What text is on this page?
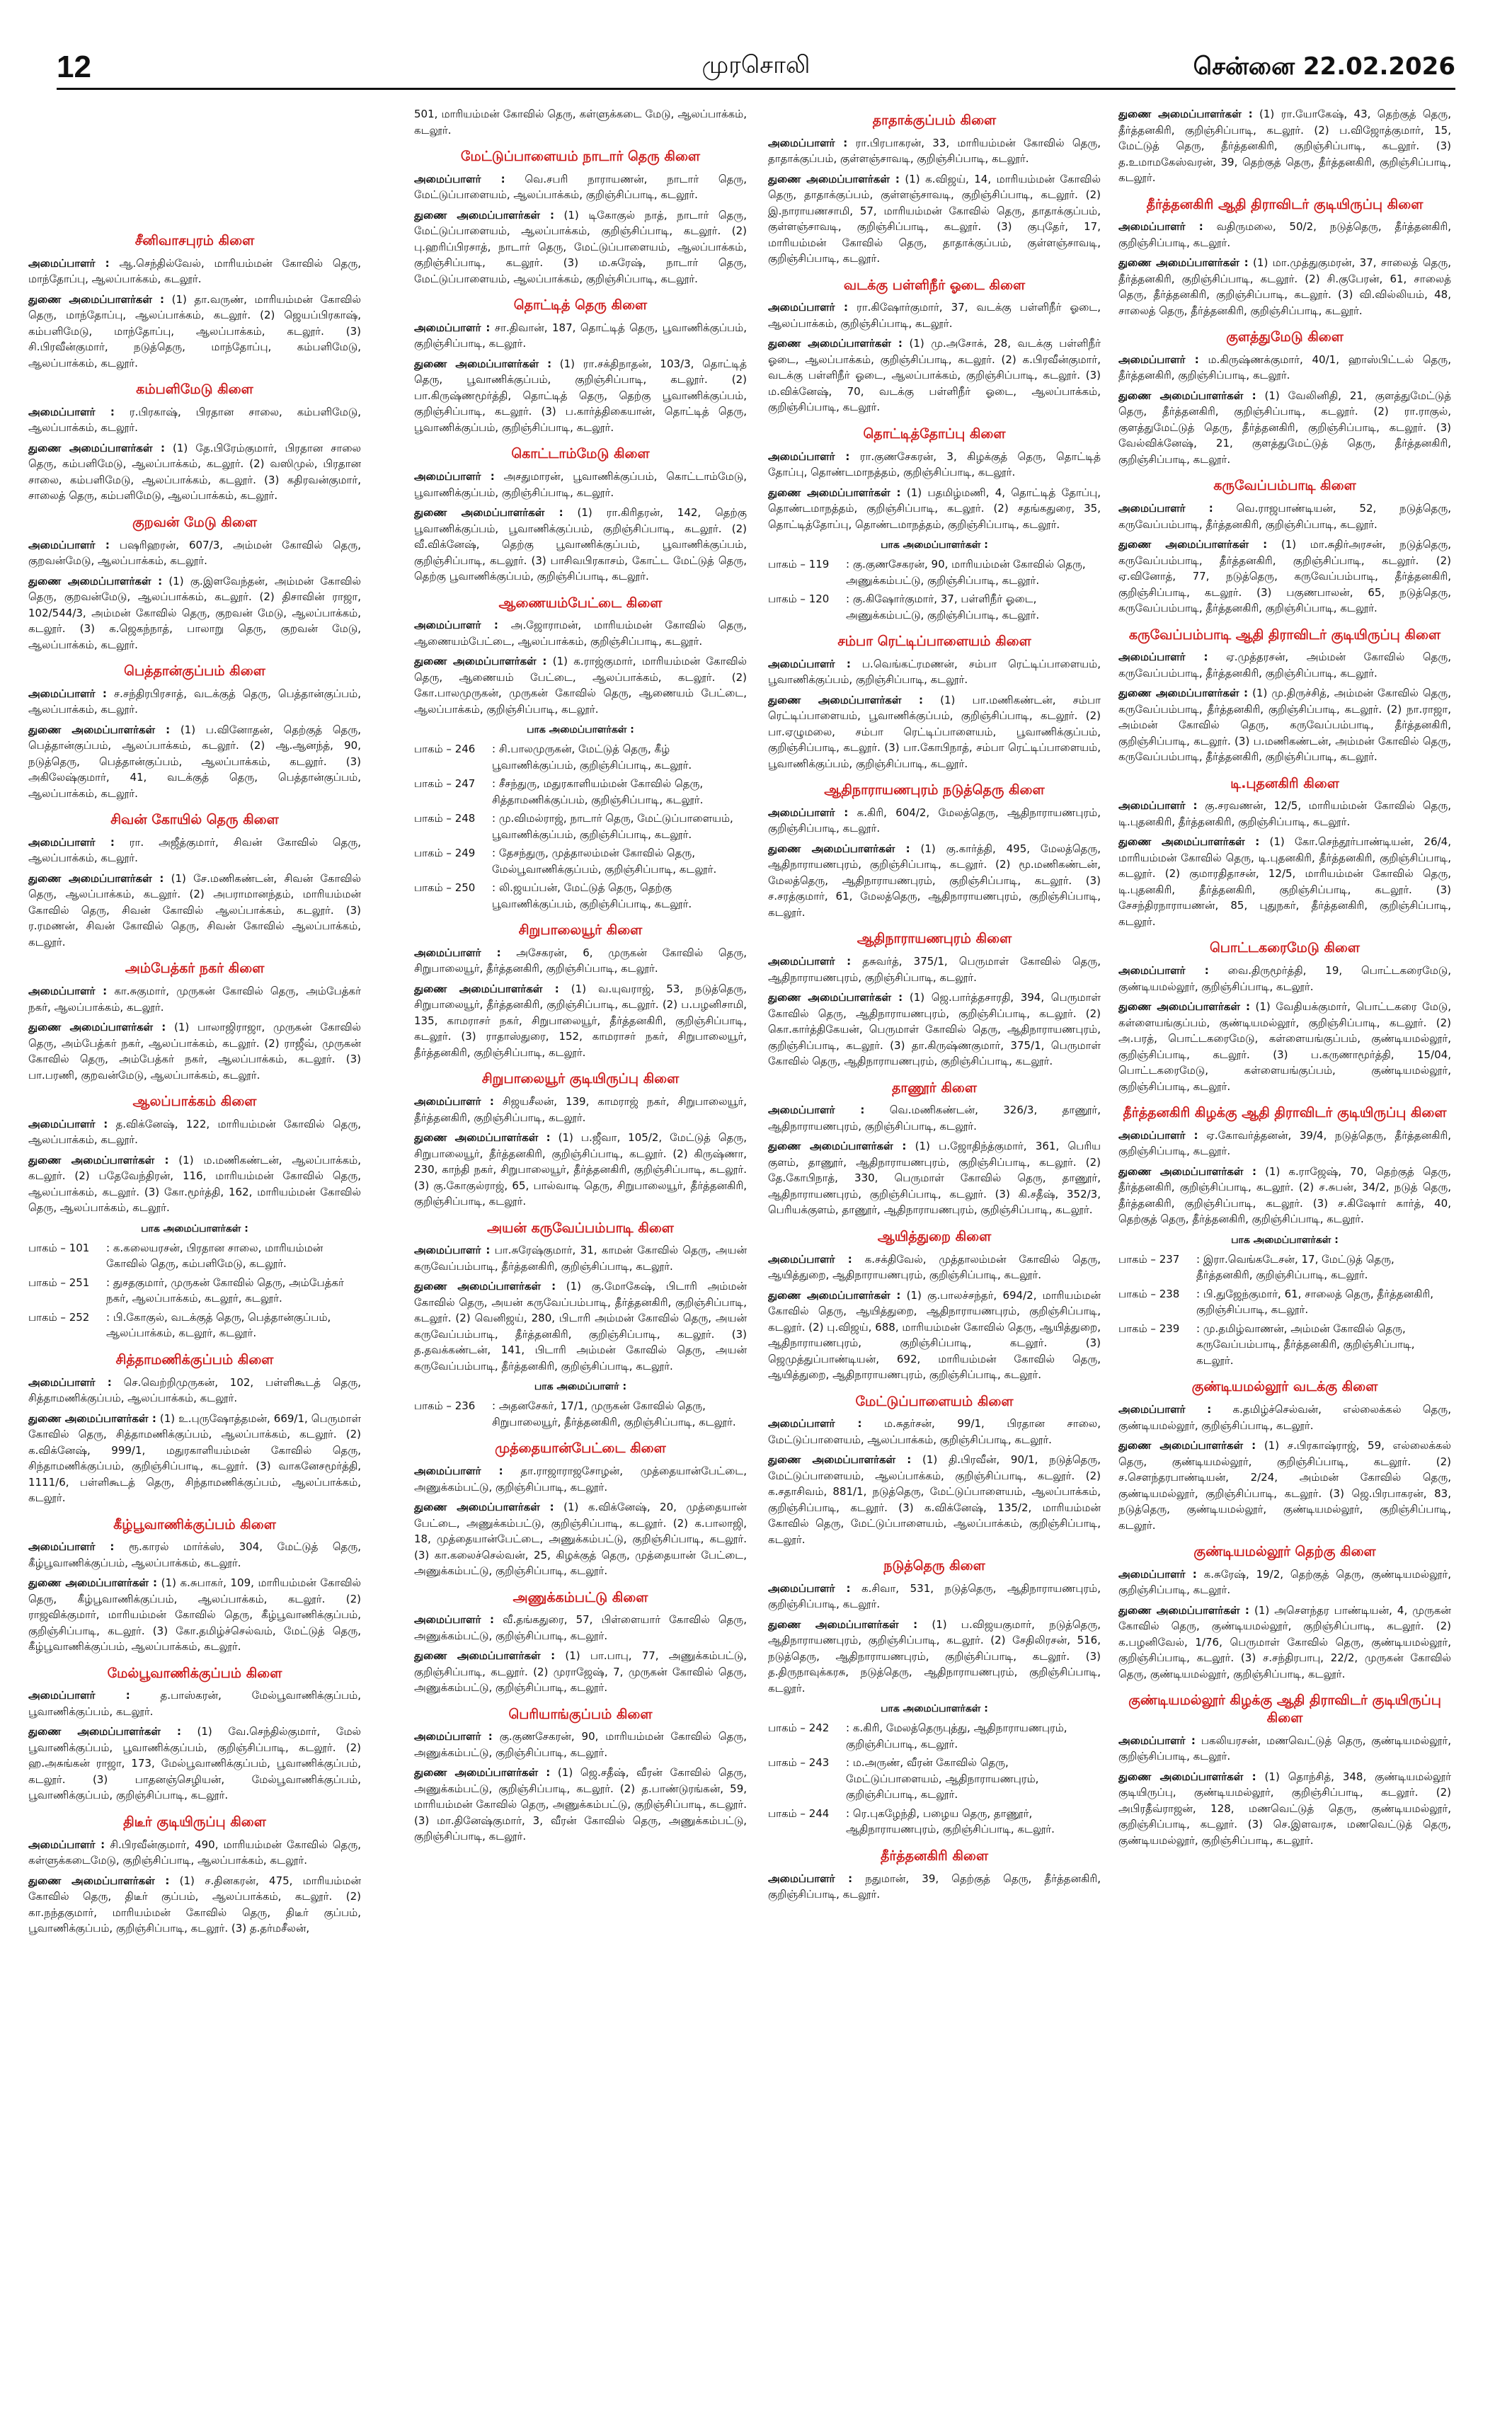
12	முரசொலி	சென்னை 22.02.2026
சீனிவாசபுரம் கிளை

அமைப்பாளர் : ஆ.செந்தில்வேல், மாரியம்மன் கோவில் தெரு, மாந்தோப்பு, ஆலப்பாக்கம், கடலூர்.

துணை அமைப்பாளர்கள் : (1) தா.வருண், மாரியம்மன் கோவில் தெரு, மாந்தோப்பு, ஆலப்பாக்கம், கடலூர். (2) ஜெயப்பிரகாஷ், கம்பளிமேடு, மாந்தோப்பு, ஆலப்பாக்கம், கடலூர். (3) சி.பிரவீன்குமார், நடுத்தெரு, மாந்தோப்பு, கம்பளிமேடு, ஆலப்பாக்கம், கடலூர்.

கம்பளிமேடு கிளை

அமைப்பாளர் : ர.பிரகாஷ், பிரதான சாலை, கம்பளிமேடு, ஆலப்பாக்கம், கடலூர்.

துணை அமைப்பாளர்கள் : (1) தே.பிரேம்குமார், பிரதான சாலை தெரு, கம்பளிமேடு, ஆலப்பாக்கம், கடலூர். (2) வஸிமுல், பிரதான சாலை, கம்பளிமேடு, ஆலப்பாக்கம், கடலூர். (3) கதிரவன்குமார், சாலைத் தெரு, கம்பளிமேடு, ஆலப்பாக்கம், கடலூர்.

குறவன் மேடு கிளை

அமைப்பாளர் : பஷரிஹரன், 607/3, அம்மன் கோவில் தெரு, குறவன்மேடு, ஆலப்பாக்கம், கடலூர்.

துணை அமைப்பாளர்கள் : (1) கு.இளவேந்தன், அம்மன் கோவில் தெரு, குறவன்மேடு, ஆலப்பாக்கம், கடலூர். (2) திசாவின் ராஜா, 102/544/3, அம்மன் கோவில் தெரு, குறவன் மேடு, ஆலப்பாக்கம், கடலூர். (3) க.ஜெகந்நாத், பாலாறு தெரு, குறவன் மேடு, ஆலப்பாக்கம், கடலூர்.

பெத்தான்குப்பம் கிளை

அமைப்பாளர் : ச.சந்திரபிரசாத், வடக்குத் தெரு, பெத்தான்குப்பம், ஆலப்பாக்கம், கடலூர்.

துணை அமைப்பாளர்கள் : (1) ப.வினோதன், தெற்குத் தெரு, பெத்தான்குப்பம், ஆலப்பாக்கம், கடலூர். (2) ஆ.ஆனந்த், 90, நடுத்தெரு, பெத்தான்குப்பம், ஆலப்பாக்கம், கடலூர். (3) அகிலேஷ்குமார், 41, வடக்குத் தெரு, பெத்தான்குப்பம், ஆலப்பாக்கம், கடலூர்.

சிவன் கோயில் தெரு கிளை

அமைப்பாளர் : ரா. அஜீத்குமார், சிவன் கோவில் தெரு, ஆலப்பாக்கம், கடலூர்.

துணை அமைப்பாளர்கள் : (1) சே.மணிகண்டன், சிவன் கோவில் தெரு, ஆலப்பாக்கம், கடலூர். (2) அபராமானந்தம், மாரியம்மன் கோவில் தெரு, சிவன் கோவில் ஆலப்பாக்கம், கடலூர். (3) ர.ரமணன், சிவன் கோவில் தெரு, சிவன் கோவில் ஆலப்பாக்கம், கடலூர்.

அம்பேத்கர் நகர் கிளை

அமைப்பாளர் : கா.சுகுமார், முருகன் கோவில் தெரு, அம்பேத்கர் நகர், ஆலப்பாக்கம், கடலூர்.

துணை அமைப்பாளர்கள் : (1) பாலாஜிராஜா, முருகன் கோவில் தெரு, அம்பேத்கர் நகர், ஆலப்பாக்கம், கடலூர். (2) ராஜீவ், முருகன் கோவில் தெரு, அம்பேத்கர் நகர், ஆலப்பாக்கம், கடலூர். (3) பா.பரணி, குறவன்மேடு, ஆலப்பாக்கம், கடலூர்.

ஆலப்பாக்கம் கிளை

அமைப்பாளர் : த.விக்னேஷ், 122, மாரியம்மன் கோவில் தெரு, ஆலப்பாக்கம், கடலூர்.

துணை அமைப்பாளர்கள் : (1) ம.மணிகண்டன், ஆலப்பாக்கம், கடலூர். (2) பதேவேந்திரன், 116, மாரியம்மன் கோவில் தெரு, ஆலப்பாக்கம், கடலூர். (3) கோ.மூர்த்தி, 162, மாரியம்மன் கோவில் தெரு, ஆலப்பாக்கம், கடலூர்.

பாக அமைப்பாளர்கள் :
பாகம் – 101	: க.கலையரசன், பிரதான சாலை, மாரியம்மன் கோவில் தெரு, கம்பளிமேடு, கடலூர்.
பாகம் – 251	: துசதகுமார், முருகன் கோவில் தெரு, அம்பேத்கர் நகர், ஆலப்பாக்கம், கடலூர், கடலூர்.
பாகம் – 252	: பி.கோகுல், வடக்குத் தெரு, பெத்தான்குப்பம், ஆலப்பாக்கம், கடலூர், கடலூர்.
சித்தாமணிக்குப்பம் கிளை

அமைப்பாளர் : செ.வெற்றிமுருகன், 102, பள்ளிகூடத் தெரு, சித்தாமணிக்குப்பம், ஆலப்பாக்கம், கடலூர்.

துணை அமைப்பாளர்கள் : (1) உ.புருஷோத்தமன், 669/1, பெருமாள் கோவில் தெரு, சித்தாமணிக்குப்பம், ஆலப்பாக்கம், கடலூர். (2) க.விக்னேஷ், 999/1, மதுரகாளியம்மன் கோவில் தெரு, சிந்தாமணிக்குப்பம், குறிஞ்சிப்பாடி, கடலூர். (3) வாகனேசமூர்த்தி, 1111/6, பள்ளிகூடத் தெரு, சிந்தாமணிக்குப்பம், ஆலப்பாக்கம், கடலூர்.

கீழ்பூவாணிக்குப்பம் கிளை

அமைப்பாளர் : ரூ.காரல் மார்க்ஸ், 304, மேட்டுத் தெரு, கீழ்பூவாணிக்குப்பம், ஆலப்பாக்கம், கடலூர்.

துணை அமைப்பாளர்கள் : (1) க.சுபாகர், 109, மாரியம்மன் கோவில் தெரு, கீழ்பூவாணிக்குப்பம், ஆலப்பாக்கம், கடலூர். (2) ராஜவிக்குமார், மாரியம்மன் கோவில் தெரு, கீழ்பூவாணிக்குப்பம், குறிஞ்சிப்பாடி, கடலூர். (3) கோ.தமிழ்ச்செல்வம், மேட்டுத் தெரு, கீழ்பூவாணிக்குப்பம், ஆலப்பாக்கம், கடலூர்.

மேல்பூவாணிக்குப்பம் கிளை

அமைப்பாளர் : த.பாஸ்கரன், மேல்பூவாணிக்குப்பம், பூவாணிக்குப்பம், கடலூர்.

துணை அமைப்பாளர்கள் : (1) வே.செந்தில்குமார், மேல் பூவாணிக்குப்பம், பூவாணிக்குப்பம், குறிஞ்சிப்பாடி, கடலூர். (2) ஹ.அசுங்கன் ராஜா, 173, மேல்பூவாணிக்குப்பம், பூவாணிக்குப்பம், கடலூர். (3) பாதனஞ்செழியன், மேல்பூவாணிக்குப்பம், பூவாணிக்குப்பம், குறிஞ்சிப்பாடி, கடலூர்.

திடீர் குடியிருப்பு கிளை

அமைப்பாளர் : சி.பிரவீன்குமார், 490, மாரியம்மன் கோவில் தெரு, கள்ளுக்கடைமேடு, குறிஞ்சிப்பாடி, ஆலப்பாக்கம், கடலூர்.

துணை அமைப்பாளர்கள் : (1) ச.தினகரன், 475, மாரியம்மன் கோவில் தெரு, திடீர் குப்பம், ஆலப்பாக்கம், கடலூர். (2) கா.நந்தகுமார், மாரியம்மன் கோவில் தெரு, திடீர் குப்பம், பூவாணிக்குப்பம், குறிஞ்சிப்பாடி, கடலூர். (3) த.தர்மசீலன்,

501, மாரியம்மன் கோவில் தெரு, கள்ளுக்கடை மேடு, ஆலப்பாக்கம், கடலூர்.

மேட்டுப்பாளையம் நாடார் தெரு கிளை

அமைப்பாளர் : வெ.சபரி நாராயணன், நாடார் தெரு, மேட்டுப்பாளையம், ஆலப்பாக்கம், குறிஞ்சிப்பாடி, கடலூர்.

துணை அமைப்பாளர்கள் : (1) டிகோகுல் நாத், நாடார் தெரு, மேட்டுப்பாளையம், ஆலப்பாக்கம், குறிஞ்சிப்பாடி, கடலூர். (2) பு.ஹரிப்பிரசாத், நாடார் தெரு, மேட்டுப்பாளையம், ஆலப்பாக்கம், குறிஞ்சிப்பாடி, கடலூர். (3) ம.சுரேஷ், நாடார் தெரு, மேட்டுப்பாளையம், ஆலப்பாக்கம், குறிஞ்சிப்பாடி, கடலூர்.

தொட்டித் தெரு கிளை

அமைப்பாளர் : சா.திவான், 187, தொட்டித் தெரு, பூவாணிக்குப்பம், குறிஞ்சிப்பாடி, கடலூர்.

துணை அமைப்பாளர்கள் : (1) ரா.சக்திநாதன், 103/3, தொட்டித் தெரு, பூவாணிக்குப்பம், குறிஞ்சிப்பாடி, கடலூர். (2) பா.கிருஷ்ணமூர்த்தி, தொட்டித் தெரு, தெற்கு பூவாணிக்குப்பம், குறிஞ்சிப்பாடி, கடலூர். (3) ப.கார்த்திகையான், தொட்டித் தெரு, பூவாணிக்குப்பம், குறிஞ்சிப்பாடி, கடலூர்.

கொட்டாம்மேடு கிளை

அமைப்பாளர் : அசதுமாரன், பூவாணிக்குப்பம், கொட்டாம்மேடு, பூவாணிக்குப்பம், குறிஞ்சிப்பாடி, கடலூர்.

துணை அமைப்பாளர்கள் : (1) ரா.கிரிதரன், 142, தெற்கு பூவாணிக்குப்பம், பூவாணிக்குப்பம், குறிஞ்சிப்பாடி, கடலூர். (2) வீ.விக்னேஷ், தெற்கு பூவாணிக்குப்பம், பூவாணிக்குப்பம், குறிஞ்சிப்பாடி, கடலூர். (3) பாசிவபிரகாசம், கோட்ட மேட்டுத் தெரு, தெற்கு பூவாணிக்குப்பம், குறிஞ்சிப்பாடி, கடலூர்.

ஆணையம்பேட்டை கிளை

அமைப்பாளர் : அ.ஜோராமன், மாரியம்மன் கோவில் தெரு, ஆணையம்பேட்டை, ஆலப்பாக்கம், குறிஞ்சிப்பாடி, கடலூர்.

துணை அமைப்பாளர்கள் : (1) க.ராஜ்குமார், மாரியம்மன் கோவில் தெரு, ஆணையம் பேட்டை, ஆலப்பாக்கம், கடலூர். (2) கோ.பாலமுருகன், முருகன் கோவில் தெரு, ஆணையம் பேட்டை, ஆலப்பாக்கம், குறிஞ்சிப்பாடி, கடலூர்.

பாக அமைப்பாளர்கள் :
பாகம் – 246	: சி.பாலமுருகன், மேட்டுத் தெரு, கீழ் பூவாணிக்குப்பம், குறிஞ்சிப்பாடி, கடலூர்.
பாகம் – 247	: சீசந்துரு, மதுரகாளியம்மன் கோவில் தெரு, சித்தாமணிக்குப்பம், குறிஞ்சிப்பாடி, கடலூர்.
பாகம் – 248	: மு.விமல்ராஜ், நாடார் தெரு, மேட்டுப்பாளையம், பூவாணிக்குப்பம், குறிஞ்சிப்பாடி, கடலூர்.
பாகம் – 249	: தேசந்துரு, முத்தாலம்மன் கோவில் தெரு, மேல்பூவாணிக்குப்பம், குறிஞ்சிப்பாடி, கடலூர்.
பாகம் – 250	: லி.ஜயப்பன், மேட்டுத் தெரு, தெற்கு பூவாணிக்குப்பம், குறிஞ்சிப்பாடி, கடலூர்.
சிறுபாலையூர் கிளை

அமைப்பாளர் : அசேகரன், 6, முருகன் கோவில் தெரு, சிறுபாலையூர், தீர்த்தனகிரி, குறிஞ்சிப்பாடி, கடலூர்.

துணை அமைப்பாளர்கள் : (1) வ.யுவராஜ், 53, நடுத்தெரு, சிறுபாலையூர், தீர்த்தனகிரி, குறிஞ்சிப்பாடி, கடலூர். (2) ப.பழனிசாமி, 135, காமராசர் நகர், சிறுபாலையூர், தீர்த்தனகிரி, குறிஞ்சிப்பாடி, கடலூர். (3) ராதாஸ்துரை, 152, காமராசர் நகர், சிறுபாலையூர், தீர்த்தனகிரி, குறிஞ்சிப்பாடி, கடலூர்.

சிறுபாலையூர் குடியிருப்பு கிளை

அமைப்பாளர் : சிஜயசீலன், 139, காமராஜ் நகர், சிறுபாலையூர், தீர்த்தனகிரி, குறிஞ்சிப்பாடி, கடலூர்.

துணை அமைப்பாளர்கள் : (1) ப.ஜீவா, 105/2, மேட்டுத் தெரு, சிறுபாலையூர், தீர்த்தனகிரி, குறிஞ்சிப்பாடி, கடலூர். (2) கிருஷ்ணா, 230, காந்தி நகர், சிறுபாலையூர், தீர்த்தனகிரி, குறிஞ்சிப்பாடி, கடலூர். (3) கு.கோகுல்ராஜ், 65, பால்வாடி தெரு, சிறுபாலையூர், தீர்த்தனகிரி, குறிஞ்சிப்பாடி, கடலூர்.

அயன் கருவேப்பம்பாடி கிளை

அமைப்பாளர் : பா.சுரேஷ்குமார், 31, காமன் கோவில் தெரு, அயன் கருவேப்பம்பாடி, தீர்த்தனகிரி, குறிஞ்சிப்பாடி, கடலூர்.

துணை அமைப்பாளர்கள் : (1) கு.மோகேஷ், பிடாரி அம்மன் கோவில் தெரு, அயன் கருவேப்பம்பாடி, தீர்த்தனகிரி, குறிஞ்சிப்பாடி, கடலூர். (2) வெனிஜய், 280, பிடாரி அம்மன் கோவில் தெரு, அயன் கருவேப்பம்பாடி, தீர்த்தனகிரி, குறிஞ்சிப்பாடி, கடலூர். (3) த.தவக்கண்டன், 141, பிடாரி அம்மன் கோவில் தெரு, அயன் கருவேப்பம்பாடி, தீர்த்தனகிரி, குறிஞ்சிப்பாடி, கடலூர்.

பாக அமைப்பாளர் :
பாகம் – 236	: அதனசேகர், 17/1, முருகன் கோவில் தெரு, சிறுபாலையூர், தீர்த்தனகிரி, குறிஞ்சிப்பாடி, கடலூர்.
முத்தையான்பேட்டை கிளை

அமைப்பாளர் : தா.ராஜாராஜசோழன், முத்தையான்பேட்டை, அணுக்கம்பட்டு, குறிஞ்சிப்பாடி, கடலூர்.

துணை அமைப்பாளர்கள் : (1) க.விக்னேஷ், 20, முத்தையான் பேட்டை, அணுக்கம்பட்டு, குறிஞ்சிப்பாடி, கடலூர். (2) க.பாலாஜி, 18, முத்தையான்பேட்டை, அணுக்கம்பட்டு, குறிஞ்சிப்பாடி, கடலூர். (3) கா.கலைச்செல்வன், 25, கிழக்குத் தெரு, முத்தையான் பேட்டை, அணுக்கம்பட்டு, குறிஞ்சிப்பாடி, கடலூர்.

அணுக்கம்பட்டு கிளை

அமைப்பாளர் : வீ.தங்கதுரை, 57, பிள்ளையார் கோவில் தெரு, அணுக்கம்பட்டு, குறிஞ்சிப்பாடி, கடலூர்.

துணை அமைப்பாளர்கள் : (1) பா.பாபு, 77, அணுக்கம்பட்டு, குறிஞ்சிப்பாடி, கடலூர். (2) முராஜேஷ், 7, முருகன் கோவில் தெரு, அணுக்கம்பட்டு, குறிஞ்சிப்பாடி, கடலூர்.

பெரியாங்குப்பம் கிளை

அமைப்பாளர் : கு.குணசேகரன், 90, மாரியம்மன் கோவில் தெரு, அணுக்கம்பட்டு, குறிஞ்சிப்பாடி, கடலூர்.

துணை அமைப்பாளர்கள் : (1) ஜெ.சதீஷ், வீரன் கோவில் தெரு, அணுக்கம்பட்டு, குறிஞ்சிப்பாடி, கடலூர். (2) த.பாண்டுரங்கன், 59, மாரியம்மன் கோவில் தெரு, அணுக்கம்பட்டு, குறிஞ்சிப்பாடி, கடலூர். (3) மா.தினேஷ்குமார், 3, வீரன் கோவில் தெரு, அணுக்கம்பட்டு, குறிஞ்சிப்பாடி, கடலூர்.

தாதாக்குப்பம் கிளை

அமைப்பாளர் : ரா.பிரபாகரன், 33, மாரியம்மன் கோவில் தெரு, தாதாக்குப்பம், குள்ளஞ்சாவடி, குறிஞ்சிப்பாடி, கடலூர்.

துணை அமைப்பாளர்கள் : (1) க.விஜய், 14, மாரியம்மன் கோவில் தெரு, தாதாக்குப்பம், குள்ளஞ்சாவடி, குறிஞ்சிப்பாடி, கடலூர். (2) இ.நாராயணசாமி, 57, மாரியம்மன் கோவில் தெரு, தாதாக்குப்பம், குள்ளஞ்சாவடி, குறிஞ்சிப்பாடி, கடலூர். (3) குபுதேர், 17, மாரியம்மன் கோவில் தெரு, தாதாக்குப்பம், குள்ளஞ்சாவடி, குறிஞ்சிப்பாடி, கடலூர்.

வடக்கு பள்ளிநீர் ஓடை கிளை

அமைப்பாளர் : ரா.கிஷோர்குமார், 37, வடக்கு பள்ளிநீர் ஓடை, ஆலப்பாக்கம், குறிஞ்சிப்பாடி, கடலூர்.

துணை அமைப்பாளர்கள் : (1) மு.அசோக், 28, வடக்கு பள்ளிநீர் ஓடை, ஆலப்பாக்கம், குறிஞ்சிப்பாடி, கடலூர். (2) க.பிரவீன்குமார், வடக்கு பள்ளிநீர் ஓடை, ஆலப்பாக்கம், குறிஞ்சிப்பாடி, கடலூர். (3) ம.விக்னேஷ், 70, வடக்கு பள்ளிநீர் ஓடை, ஆலப்பாக்கம், குறிஞ்சிப்பாடி, கடலூர்.

தொட்டித்தோப்பு கிளை

அமைப்பாளர் : ரா.குணசேகரன், 3, கிழக்குத் தெரு, தொட்டித் தோப்பு, தொண்டமாநத்தம், குறிஞ்சிப்பாடி, கடலூர்.

துணை அமைப்பாளர்கள் : (1) பதமிழ்மணி, 4, தொட்டித் தோப்பு, தொண்டமாநத்தம், குறிஞ்சிப்பாடி, கடலூர். (2) சதங்கதுரை, 35, தொட்டித்தோப்பு, தொண்டமாநத்தம், குறிஞ்சிப்பாடி, கடலூர்.

பாக அமைப்பாளர்கள் :
பாகம் – 119	: கு.குணசேகரன், 90, மாரியம்மன் கோவில் தெரு, அணுக்கம்பட்டு, குறிஞ்சிப்பாடி, கடலூர்.
பாகம் – 120	: கு.கிஷோர்குமார், 37, பள்ளிநீர் ஓடை, அணுக்கம்பட்டு, குறிஞ்சிப்பாடி, கடலூர்.
சம்பா ரெட்டிப்பாளையம் கிளை

அமைப்பாளர் : ப.வெங்கட்ரமணன், சம்பா ரெட்டிப்பாளையம், பூவாணிக்குப்பம், குறிஞ்சிப்பாடி, கடலூர்.

துணை அமைப்பாளர்கள் : (1) பா.மணிகண்டன், சம்பா ரெட்டிப்பாளையம், பூவாணிக்குப்பம், குறிஞ்சிப்பாடி, கடலூர். (2) பா.ஏழுமலை, சம்பா ரெட்டிப்பாளையம், பூவாணிக்குப்பம், குறிஞ்சிப்பாடி, கடலூர். (3) பா.கோபிநாத், சம்பா ரெட்டிப்பாளையம், பூவாணிக்குப்பம், குறிஞ்சிப்பாடி, கடலூர்.

ஆதிநாராயணபுரம் நடுத்தெரு கிளை

அமைப்பாளர் : க.கிரி, 604/2, மேலத்தெரு, ஆதிநாராயணபுரம், குறிஞ்சிப்பாடி, கடலூர்.

துணை அமைப்பாளர்கள் : (1) கு.கார்த்தி, 495, மேலத்தெரு, ஆதிநாராயணபுரம், குறிஞ்சிப்பாடி, கடலூர். (2) மூ.மணிகண்டன், மேலத்தெரு, ஆதிநாராயணபுரம், குறிஞ்சிப்பாடி, கடலூர். (3) ச.சரத்குமார், 61, மேலத்தெரு, ஆதிநாராயணபுரம், குறிஞ்சிப்பாடி, கடலூர்.

ஆதிநாராயணபுரம் கிளை

அமைப்பாளர் : தசுவர்த், 375/1, பெருமாள் கோவில் தெரு, ஆதிநாராயணபுரம், குறிஞ்சிப்பாடி, கடலூர்.

துணை அமைப்பாளர்கள் : (1) ஜெ.பார்த்தசாரதி, 394, பெருமாள் கோவில் தெரு, ஆதிநாராயணபுரம், குறிஞ்சிப்பாடி, கடலூர். (2) கொ.கார்த்திகேயன், பெருமாள் கோவில் தெரு, ஆதிநாராயணபுரம், குறிஞ்சிப்பாடி, கடலூர். (3) தா.கிருஷ்ணகுமார், 375/1, பெருமாள் கோவில் தெரு, ஆதிநாராயணபுரம், குறிஞ்சிப்பாடி, கடலூர்.

தாணூர் கிளை

அமைப்பாளர் : வெ.மணிகண்டன், 326/3, தாணூர், ஆதிநாராயணபுரம், குறிஞ்சிப்பாடி, கடலூர்.

துணை அமைப்பாளர்கள் : (1) ப.ஜோதிந்த்குமார், 361, பெரிய குளம், தாணூர், ஆதிநாராயணபுரம், குறிஞ்சிப்பாடி, கடலூர். (2) தே.கோபிநாத், 330, பெருமாள் கோவில் தெரு, தாணூர், ஆதிநாராயணபுரம், குறிஞ்சிப்பாடி, கடலூர். (3) கி.சதீஷ், 352/3, பெரியக்குளம், தாணூர், ஆதிநாராயணபுரம், குறிஞ்சிப்பாடி, கடலூர்.

ஆயித்துறை கிளை

அமைப்பாளர் : க.சக்திவேல், முத்தாலம்மன் கோவில் தெரு, ஆயித்துறை, ஆதிநாராயணபுரம், குறிஞ்சிப்பாடி, கடலூர்.

துணை அமைப்பாளர்கள் : (1) கு.பாலச்சந்தர், 694/2, மாரியம்மன் கோவில் தெரு, ஆயித்துறை, ஆதிநாராயணபுரம், குறிஞ்சிப்பாடி, கடலூர். (2) பு.விஜய், 688, மாரியம்மன் கோவில் தெரு, ஆயித்துறை, ஆதிநாராயணபுரம், குறிஞ்சிப்பாடி, கடலூர். (3) ஜெமுத்துப்பாண்டியன், 692, மாரியம்மன் கோவில் தெரு, ஆயித்துறை, ஆதிநாராயணபுரம், குறிஞ்சிப்பாடி, கடலூர்.

மேட்டுப்பாளையம் கிளை

அமைப்பாளர் : ம.சுதர்சன், 99/1, பிரதான சாலை, மேட்டுப்பாளையம், ஆலப்பாக்கம், குறிஞ்சிப்பாடி, கடலூர்.

துணை அமைப்பாளர்கள் : (1) தி.பிரவீன், 90/1, நடுத்தெரு, மேட்டுப்பாளையம், ஆலப்பாக்கம், குறிஞ்சிப்பாடி, கடலூர். (2) க.சதாசிவம், 881/1, நடுத்தெரு, மேட்டுப்பாளையம், ஆலப்பாக்கம், குறிஞ்சிப்பாடி, கடலூர். (3) க.விக்னேஷ், 135/2, மாரியம்மன் கோவில் தெரு, மேட்டுப்பாளையம், ஆலப்பாக்கம், குறிஞ்சிப்பாடி, கடலூர்.

நடுத்தெரு கிளை

அமைப்பாளர் : க.சிவா, 531, நடுத்தெரு, ஆதிநாராயணபுரம், குறிஞ்சிப்பாடி, கடலூர்.

துணை அமைப்பாளர்கள் : (1) ப.விஜயகுமார், நடுத்தெரு, ஆதிநாராயணபுரம், குறிஞ்சிப்பாடி, கடலூர். (2) சேதிலிரசன், 516, நடுத்தெரு, ஆதிநாராயணபுரம், குறிஞ்சிப்பாடி, கடலூர். (3) த.திருநாவுக்கரசு, நடுத்தெரு, ஆதிநாராயணபுரம், குறிஞ்சிப்பாடி, கடலூர்.

பாக அமைப்பாளர்கள் :
பாகம் – 242	: க.கிரி, மேலத்தெருபுத்து, ஆதிநாராயணபுரம், குறிஞ்சிப்பாடி, கடலூர்.
பாகம் – 243	: ம.அருண், வீரன் கோவில் தெரு, மேட்டுப்பாளையம், ஆதிநாராயணபுரம், குறிஞ்சிப்பாடி, கடலூர்.
பாகம் – 244	: ரெ.புகழேந்தி, பழைய தெரு, தாணூர், ஆதிநாராயணபுரம், குறிஞ்சிப்பாடி, கடலூர்.
தீர்த்தனகிரி கிளை

அமைப்பாளர் : நதுமான், 39, தெற்குத் தெரு, தீர்த்தனகிரி, குறிஞ்சிப்பாடி, கடலூர்.

துணை அமைப்பாளர்கள் : (1) ரா.யோகேஷ், 43, தெற்குத் தெரு, தீர்த்தனகிரி, குறிஞ்சிப்பாடி, கடலூர். (2) ப.விஜோத்குமார், 15, மேட்டுத் தெரு, தீர்த்தனகிரி, குறிஞ்சிப்பாடி, கடலூர். (3) த.உமாமகேஸ்வரன், 39, தெற்குத் தெரு, தீர்த்தனகிரி, குறிஞ்சிப்பாடி, கடலூர்.

தீர்த்தனகிரி ஆதி திராவிடர் குடியிருப்பு கிளை

அமைப்பாளர் : வதிருமலை, 50/2, நடுத்தெரு, தீர்த்தனகிரி, குறிஞ்சிப்பாடி, கடலூர்.

துணை அமைப்பாளர்கள் : (1) மா.முத்துகுமரன், 37, சாலைத் தெரு, தீர்த்தனகிரி, குறிஞ்சிப்பாடி, கடலூர். (2) சி.குபேரன், 61, சாலைத் தெரு, தீர்த்தனகிரி, குறிஞ்சிப்பாடி, கடலூர். (3) வி.வில்லியம், 48, சாலைத் தெரு, தீர்த்தனகிரி, குறிஞ்சிப்பாடி, கடலூர்.

குளத்துமேடு கிளை

அமைப்பாளர் : ம.கிருஷ்ணக்குமார், 40/1, ஹாஸ்பிட்டல் தெரு, தீர்த்தனகிரி, குறிஞ்சிப்பாடி, கடலூர்.

துணை அமைப்பாளர்கள் : (1) வேலினிதி, 21, குளத்துமேட்டுத் தெரு, தீர்த்தனகிரி, குறிஞ்சிப்பாடி, கடலூர். (2) ரா.ராகுல், குளத்துமேட்டுத் தெரு, தீர்த்தனகிரி, குறிஞ்சிப்பாடி, கடலூர். (3) வேல்விக்னேஷ், 21, குளத்துமேட்டுத் தெரு, தீர்த்தனகிரி, குறிஞ்சிப்பாடி, கடலூர்.

கருவேப்பம்பாடி கிளை

அமைப்பாளர் : வெ.ராஜபாண்டியன், 52, நடுத்தெரு, கருவேப்பம்பாடி, தீர்த்தனகிரி, குறிஞ்சிப்பாடி, கடலூர்.

துணை அமைப்பாளர்கள் : (1) மா.சுதிர்அரசன், நடுத்தெரு, கருவேப்பம்பாடி, தீர்த்தனகிரி, குறிஞ்சிப்பாடி, கடலூர். (2) ஏ.வினோத், 77, நடுத்தெரு, கருவேப்பம்பாடி, தீர்த்தனகிரி, குறிஞ்சிப்பாடி, கடலூர். (3) பகுணபாலன், 65, நடுத்தெரு, கருவேப்பம்பாடி, தீர்த்தனகிரி, குறிஞ்சிப்பாடி, கடலூர்.

கருவேப்பம்பாடி ஆதி திராவிடர் குடியிருப்பு கிளை

அமைப்பாளர் : ஏ.முத்தரசன், அம்மன் கோவில் தெரு, கருவேப்பம்பாடி, தீர்த்தனகிரி, குறிஞ்சிப்பாடி, கடலூர்.

துணை அமைப்பாளர்கள் : (1) மு.திருச்சித், அம்மன் கோவில் தெரு, கருவேப்பம்பாடி, தீர்த்தனகிரி, குறிஞ்சிப்பாடி, கடலூர். (2) நா.ராஜா, அம்மன் கோவில் தெரு, கருவேப்பம்பாடி, தீர்த்தனகிரி, குறிஞ்சிப்பாடி, கடலூர். (3) ப.மணிகண்டன், அம்மன் கோவில் தெரு, கருவேப்பம்பாடி, தீர்த்தனகிரி, குறிஞ்சிப்பாடி, கடலூர்.

டி.புதனகிரி கிளை

அமைப்பாளர் : கு.சரவணன், 12/5, மாரியம்மன் கோவில் தெரு, டி.புதனகிரி, தீர்த்தனகிரி, குறிஞ்சிப்பாடி, கடலூர்.

துணை அமைப்பாளர்கள் : (1) கோ.செந்தூர்பாண்டியன், 26/4, மாரியம்மன் கோவில் தெரு, டி.புதனகிரி, தீர்த்தனகிரி, குறிஞ்சிப்பாடி, கடலூர். (2) குமாரதிதாசன், 12/5, மாரியம்மன் கோவில் தெரு, டி.புதனகிரி, தீர்த்தனகிரி, குறிஞ்சிப்பாடி, கடலூர். (3) சேசந்திரநாராயணன், 85, புதுநகர், தீர்த்தனகிரி, குறிஞ்சிப்பாடி, கடலூர்.

பொட்டகரைமேடு கிளை

அமைப்பாளர் : வை.திருமூர்த்தி, 19, பொட்டகரைமேடு, குண்டியமல்லூர், குறிஞ்சிப்பாடி, கடலூர்.

துணை அமைப்பாளர்கள் : (1) வேதியக்குமார், பொட்டகரை மேடு, கள்ளையங்குப்பம், குண்டியமல்லூர், குறிஞ்சிப்பாடி, கடலூர். (2) அ.பரத், பொட்டகரைமேடு, கள்ளையங்குப்பம், குண்டியமல்லூர், குறிஞ்சிப்பாடி, கடலூர். (3) ப.கருணாமூர்த்தி, 15/04, பொட்டகரைமேடு, கள்ளையங்குப்பம், குண்டியமல்லூர், குறிஞ்சிப்பாடி, கடலூர்.

தீர்த்தனகிரி கிழக்கு ஆதி திராவிடர் குடியிருப்பு கிளை

அமைப்பாளர் : ஏ.கோவர்த்தனன், 39/4, நடுத்தெரு, தீர்த்தனகிரி, குறிஞ்சிப்பாடி, கடலூர்.

துணை அமைப்பாளர்கள் : (1) க.ராஜேஷ், 70, தெற்குத் தெரு, தீர்த்தனகிரி, குறிஞ்சிப்பாடி, கடலூர். (2) ச.சுபன், 34/2, நடுத் தெரு, தீர்த்தனகிரி, குறிஞ்சிப்பாடி, கடலூர். (3) ச.கிஷோர் கார்த், 40, தெற்குத் தெரு, தீர்த்தனகிரி, குறிஞ்சிப்பாடி, கடலூர்.

பாக அமைப்பாளர்கள் :
பாகம் – 237	: இரா.வெங்கடேசன், 17, மேட்டுத் தெரு, தீர்த்தனகிரி, குறிஞ்சிப்பாடி, கடலூர்.
பாகம் – 238	: பி.துஜேந்குமார், 61, சாலைத் தெரு, தீர்த்தனகிரி, குறிஞ்சிப்பாடி, கடலூர்.
பாகம் – 239	: மு.தமிழ்வாணன், அம்மன் கோவில் தெரு, கருவேப்பம்பாடி, தீர்த்தனகிரி, குறிஞ்சிப்பாடி, கடலூர்.
குண்டியமல்லூர் வடக்கு கிளை

அமைப்பாளர் : க.தமிழ்ச்செல்வன், எல்லைக்கல் தெரு, குண்டியமல்லூர், குறிஞ்சிப்பாடி, கடலூர்.

துணை அமைப்பாளர்கள் : (1) ச.பிரகாஷ்ராஜ், 59, எல்லைக்கல் தெரு, குண்டியமல்லூர், குறிஞ்சிப்பாடி, கடலூர். (2) ச.செளந்தரபாண்டியன், 2/24, அம்மன் கோவில் தெரு, குண்டியமல்லூர், குறிஞ்சிப்பாடி, கடலூர். (3) ஜெ.பிரபாகரன், 83, நடுத்தெரு, குண்டியமல்லூர், குண்டியமல்லூர், குறிஞ்சிப்பாடி, கடலூர்.

குண்டியமல்லூர் தெற்கு கிளை

அமைப்பாளர் : க.சுரேஷ், 19/2, தெற்குத் தெரு, குண்டியமல்லூர், குறிஞ்சிப்பாடி, கடலூர்.

துணை அமைப்பாளர்கள் : (1) அசௌந்தர பாண்டியன், 4, முருகன் கோவில் தெரு, குண்டியமல்லூர், குறிஞ்சிப்பாடி, கடலூர். (2) க.பழனிவேல், 1/76, பெருமாள் கோவில் தெரு, குண்டியமல்லூர், குறிஞ்சிப்பாடி, கடலூர். (3) ச.சந்திரபாபு, 22/2, முருகன் கோவில் தெரு, குண்டியமல்லூர், குறிஞ்சிப்பாடி, கடலூர்.

குண்டியமல்லூர் கிழக்கு ஆதி திராவிடர் குடியிருப்பு கிளை

அமைப்பாளர் : பகலியரசன், மணவெட்டுத் தெரு, குண்டியமல்லூர், குறிஞ்சிப்பாடி, கடலூர்.

துணை அமைப்பாளர்கள் : (1) தொந்சித், 348, குண்டியமல்லூர் குடியிருப்பு, குண்டியமல்லூர், குறிஞ்சிப்பாடி, கடலூர். (2) அபிரதீவ்ராஜன், 128, மணவெட்டுத் தெரு, குண்டியமல்லூர், குறிஞ்சிப்பாடி, கடலூர். (3) செ.இளவரசு, மணவெட்டுத் தெரு, குண்டியமல்லூர், குறிஞ்சிப்பாடி, கடலூர்.
